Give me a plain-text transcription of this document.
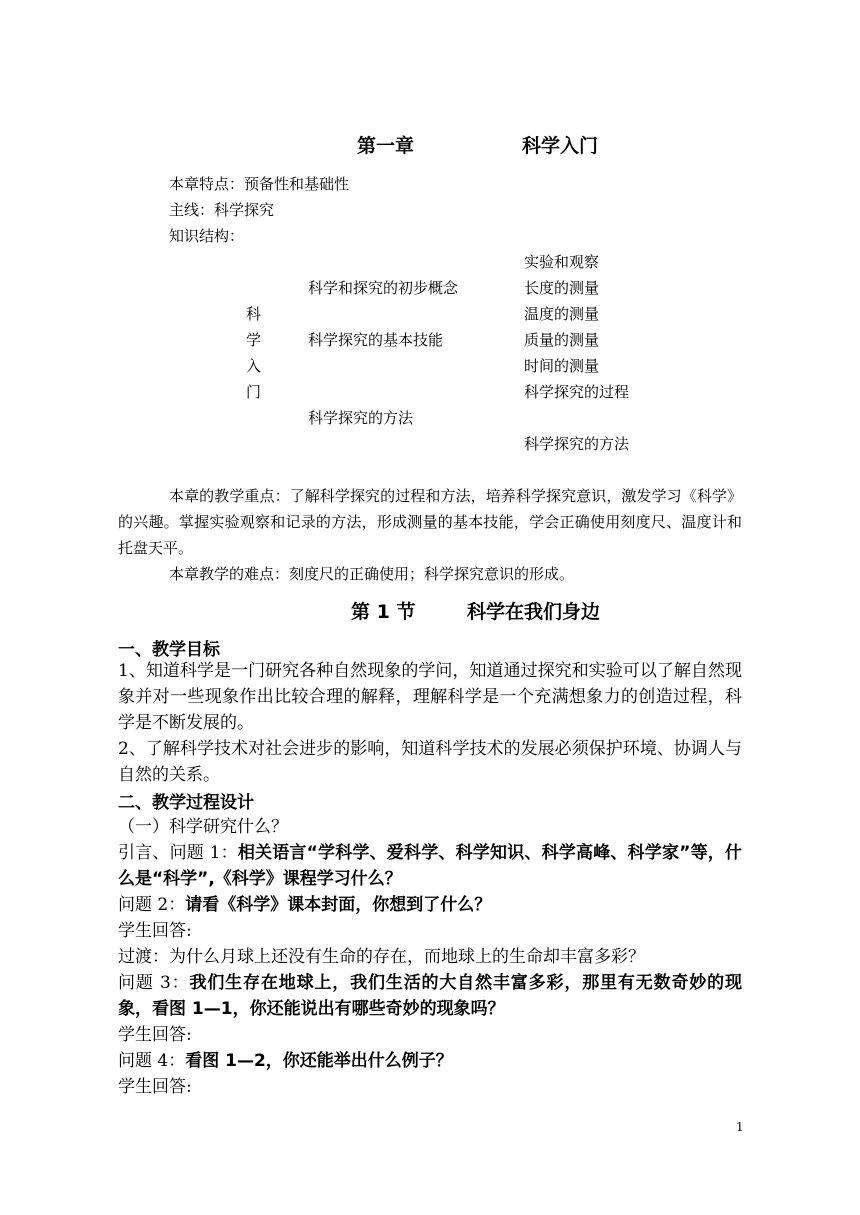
第一章	科学入门
本章特点：预备性和基础性
主线：科学探究
知识结构：
科
学
入
门
科学和探究的初步概念
科学探究的基本技能
科学探究的方法
实验和观察
长度的测量
温度的测量
质量的测量
时间的测量
科学探究的过程
科学探究的方法
本章的教学重点：了解科学探究的过程和方法，培养科学探究意识，激发学习《科学》的兴趣。掌握实验观察和记录的方法，形成测量的基本技能，学会正确使用刻度尺、温度计和托盘天平。
本章教学的难点：刻度尺的正确使用；科学探究意识的形成。
第 1 节	科学在我们身边
一、教学目标
1、知道科学是一门研究各种自然现象的学问，知道通过探究和实验可以了解自然现象并对一些现象作出比较合理的解释，理解科学是一个充满想象力的创造过程，科学是不断发展的。
2、了解科学技术对社会进步的影响，知道科学技术的发展必须保护环境、协调人与自然的关系。
二、教学过程设计
（一）科学研究什么？
引言、问题 1：相关语言“学科学、爱科学、科学知识、科学高峰、科学家”等，什么是“科学”,《科学》课程学习什么？
问题 2：请看《科学》课本封面，你想到了什么？
学生回答:
过渡：为什么月球上还没有生命的存在，而地球上的生命却丰富多彩？
问题 3：我们生存在地球上，我们生活的大自然丰富多彩，那里有无数奇妙的现象，看图 1—1，你还能说出有哪些奇妙的现象吗？
学生回答:
问题 4：看图 1—2，你还能举出什么例子？
学生回答:
1
